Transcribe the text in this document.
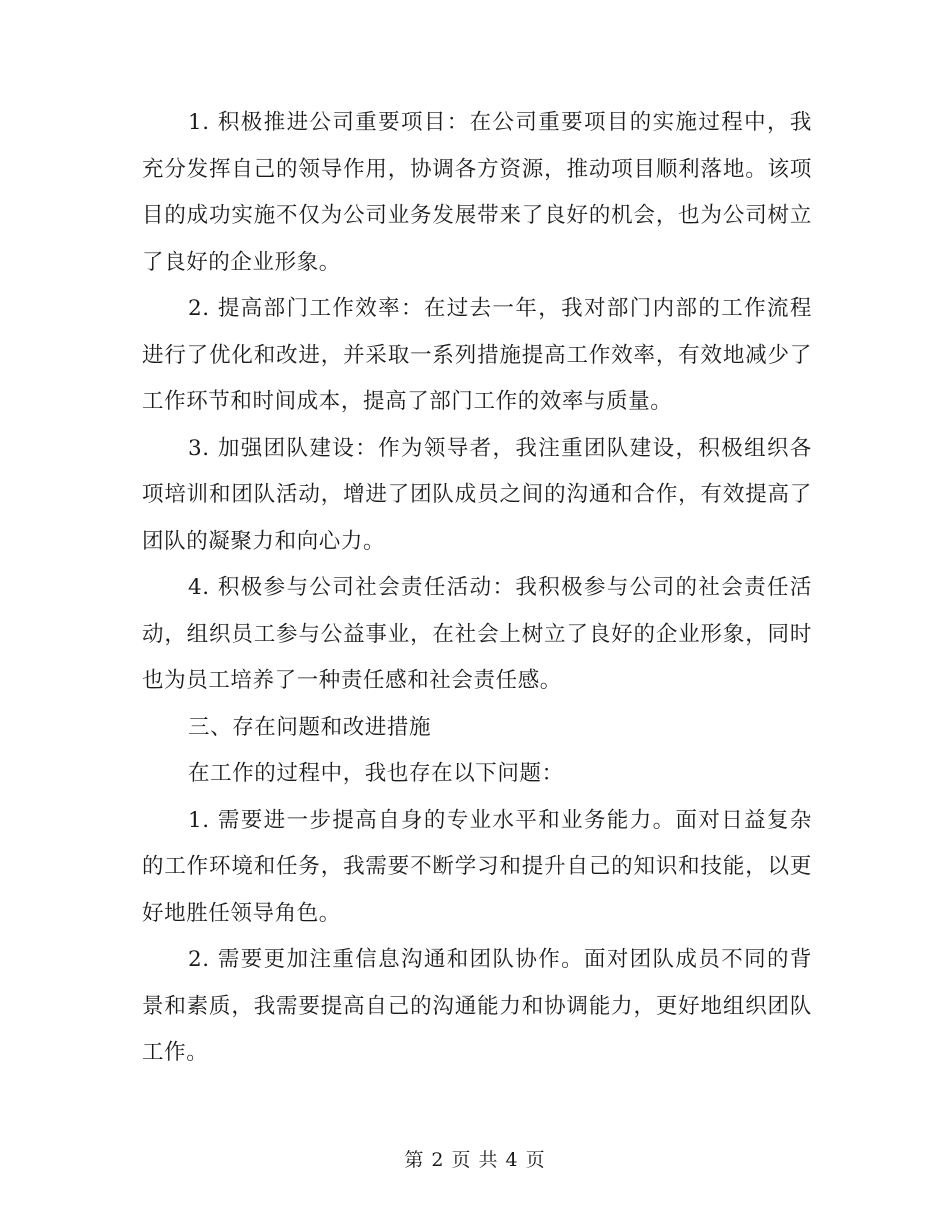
1. 积极推进公司重要项目：在公司重要项目的实施过程中，我充分发挥自己的领导作用，协调各方资源，推动项目顺利落地。该项目的成功实施不仅为公司业务发展带来了良好的机会，也为公司树立了良好的企业形象。

2. 提高部门工作效率：在过去一年，我对部门内部的工作流程进行了优化和改进，并采取一系列措施提高工作效率，有效地减少了工作环节和时间成本，提高了部门工作的效率与质量。

3. 加强团队建设：作为领导者，我注重团队建设，积极组织各项培训和团队活动，增进了团队成员之间的沟通和合作，有效提高了团队的凝聚力和向心力。

4. 积极参与公司社会责任活动：我积极参与公司的社会责任活动，组织员工参与公益事业，在社会上树立了良好的企业形象，同时也为员工培养了一种责任感和社会责任感。

三、存在问题和改进措施

在工作的过程中，我也存在以下问题：

1. 需要进一步提高自身的专业水平和业务能力。面对日益复杂的工作环境和任务，我需要不断学习和提升自己的知识和技能，以更好地胜任领导角色。

2. 需要更加注重信息沟通和团队协作。面对团队成员不同的背景和素质，我需要提高自己的沟通能力和协调能力，更好地组织团队工作。

第 2 页 共 4 页
